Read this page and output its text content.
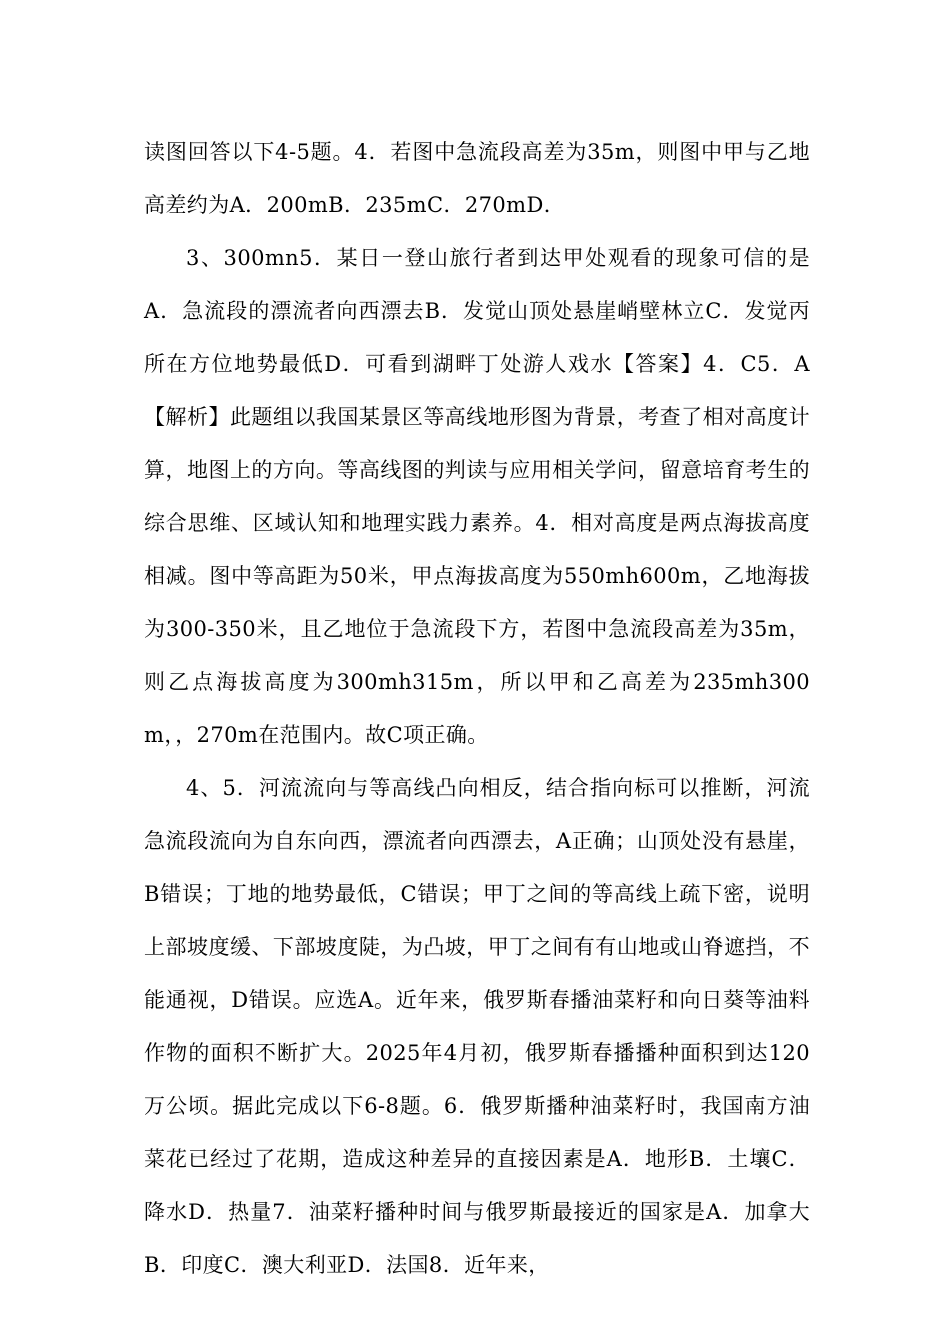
读图回答以下4-5题。4．若图中急流段高差为35m，则图中甲与乙地高差约为A．200mB．235mC．270mD．

3、300mn5．某日一登山旅行者到达甲处观看的现象可信的是A．急流段的漂流者向西漂去B．发觉山顶处悬崖峭壁林立C．发觉丙所在方位地势最低D．可看到湖畔丁处游人戏水【答案】4．C5．A【解析】此题组以我国某景区等高线地形图为背景，考查了相对高度计算，地图上的方向。等高线图的判读与应用相关学问，留意培育考生的综合思维、区域认知和地理实践力素养。4．相对高度是两点海拔高度相减。图中等高距为50米，甲点海拔高度为550mh600m，乙地海拔为300-350米，且乙地位于急流段下方，若图中急流段高差为35m，则乙点海拔高度为300mh315m，所以甲和乙高差为235mh300m，，270m在范围内。故C项正确。

4、5．河流流向与等高线凸向相反，结合指向标可以推断，河流急流段流向为自东向西，漂流者向西漂去，A正确；山顶处没有悬崖，B错误；丁地的地势最低，C错误；甲丁之间的等高线上疏下密，说明上部坡度缓、下部坡度陡，为凸坡，甲丁之间有有山地或山脊遮挡，不能通视，D错误。应选A。近年来，俄罗斯春播油菜籽和向日葵等油料作物的面积不断扩大。2025年4月初，俄罗斯春播播种面积到达120万公顷。据此完成以下6-8题。6．俄罗斯播种油菜籽时，我国南方油菜花已经过了花期，造成这种差异的直接因素是A．地形B．土壤C．降水D．热量7．油菜籽播种时间与俄罗斯最接近的国家是A．加拿大B．印度C．澳大利亚D．法国8．近年来，
